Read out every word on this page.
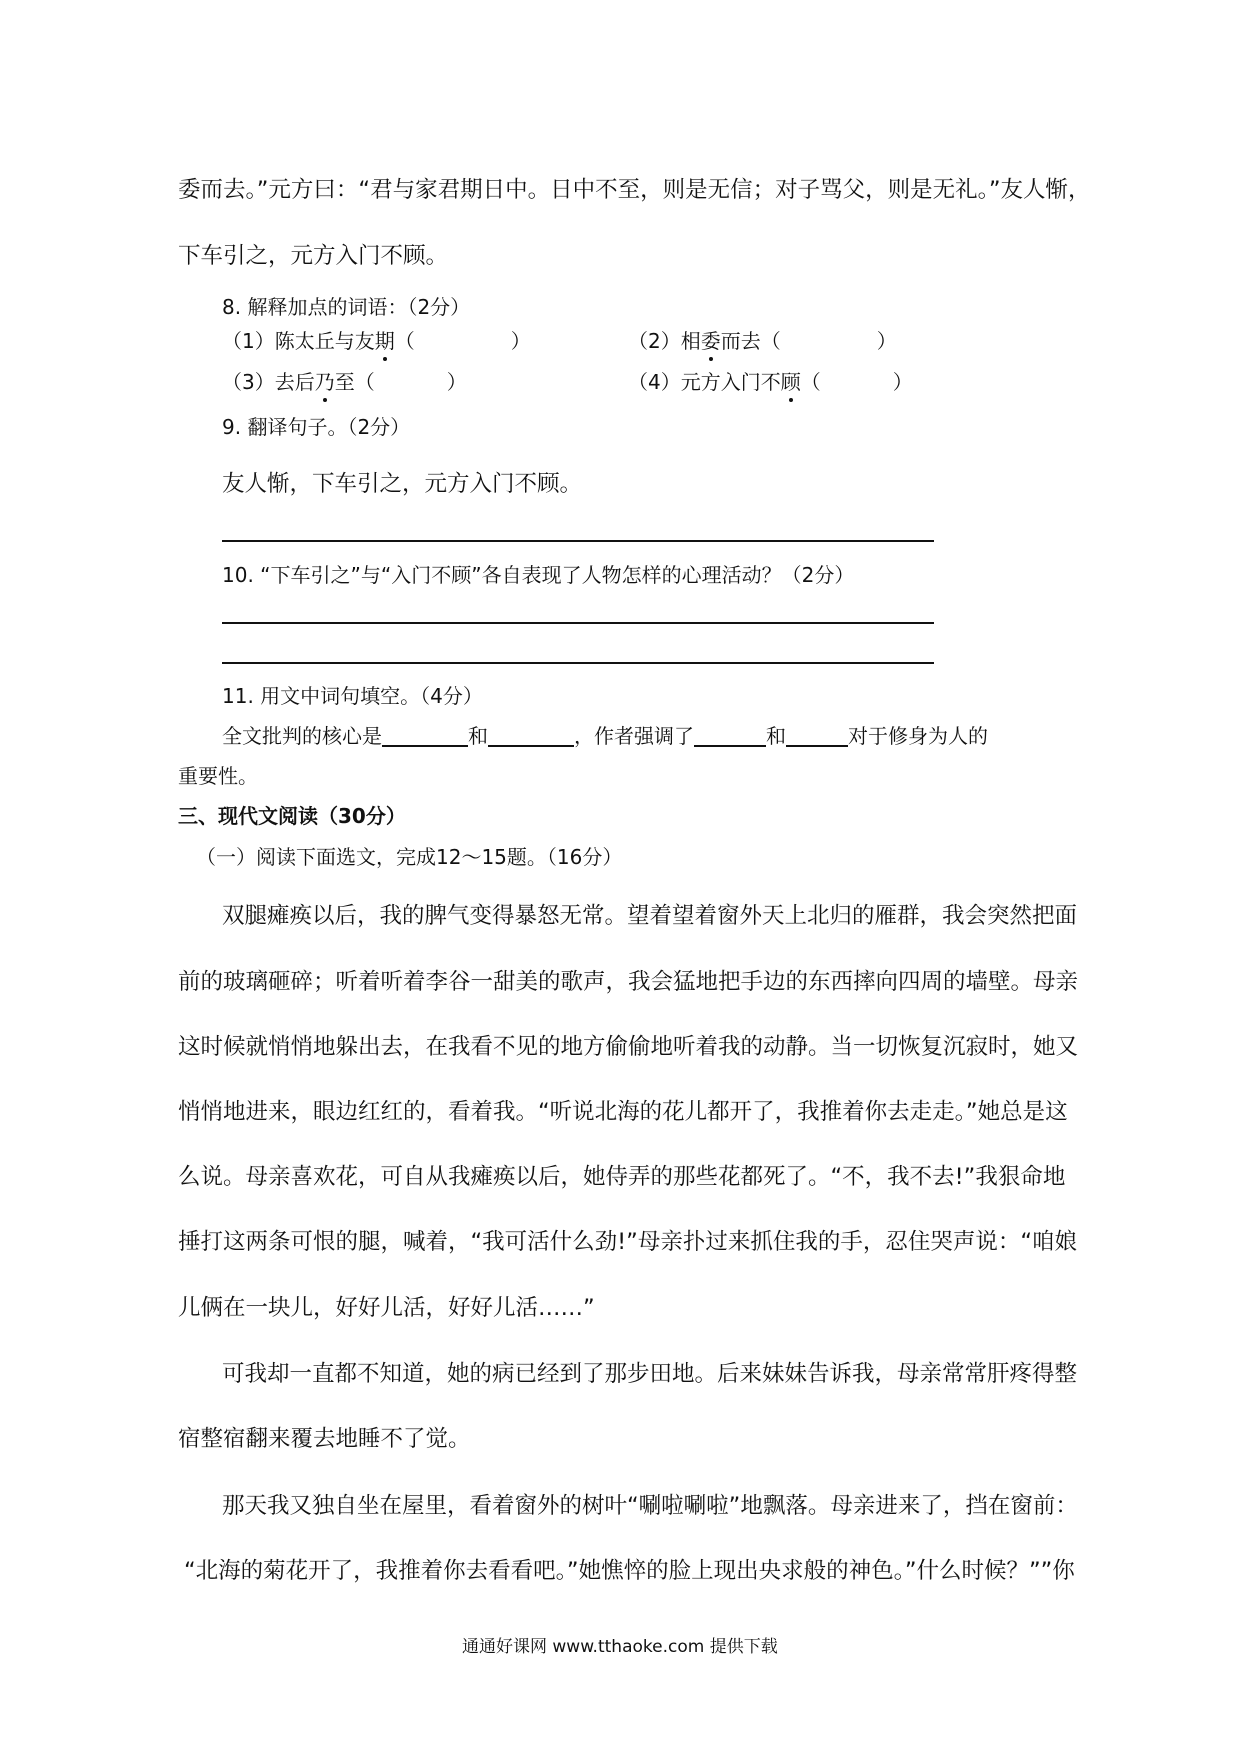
委而去。”元方曰：“君与家君期日中。日中不至，则是无信；对子骂父，则是无礼。”友人惭，
下车引之，元方入门不顾。
8. 解释加点的词语：（2分）
（1）陈太丘与友期（	）	（2）相委而去（	）
（3）去后乃至（	）	（4）元方入门不顾（	）
9. 翻译句子。（2分）
友人惭，下车引之，元方入门不顾。
10. “下车引之”与“入门不顾”各自表现了人物怎样的心理活动？（2分）
11. 用文中词句填空。（4分）
全文批判的核心是	和	，作者强调了	和	对于修身为人的
重要性。
三、现代文阅读（30分）
（一）阅读下面选文，完成12～15题。（16分）
双腿瘫痪以后，我的脾气变得暴怒无常。望着望着窗外天上北归的雁群，我会突然把面
前的玻璃砸碎；听着听着李谷一甜美的歌声，我会猛地把手边的东西摔向四周的墙壁。母亲
这时候就悄悄地躲出去，在我看不见的地方偷偷地听着我的动静。当一切恢复沉寂时，她又
悄悄地进来，眼边红红的，看着我。“听说北海的花儿都开了，我推着你去走走。”她总是这
么说。母亲喜欢花，可自从我瘫痪以后，她侍弄的那些花都死了。“不，我不去!”我狠命地
捶打这两条可恨的腿，喊着，“我可活什么劲!”母亲扑过来抓住我的手，忍住哭声说：“咱娘
儿俩在一块儿，好好儿活，好好儿活……”
可我却一直都不知道，她的病已经到了那步田地。后来妹妹告诉我，母亲常常肝疼得整
宿整宿翻来覆去地睡不了觉。
那天我又独自坐在屋里，看着窗外的树叶“唰啦唰啦”地飘落。母亲进来了，挡在窗前：
“北海的菊花开了，我推着你去看看吧。”她憔悴的脸上现出央求般的神色。”什么时候？””你
通通好课网 www.tthaoke.com 提供下载
